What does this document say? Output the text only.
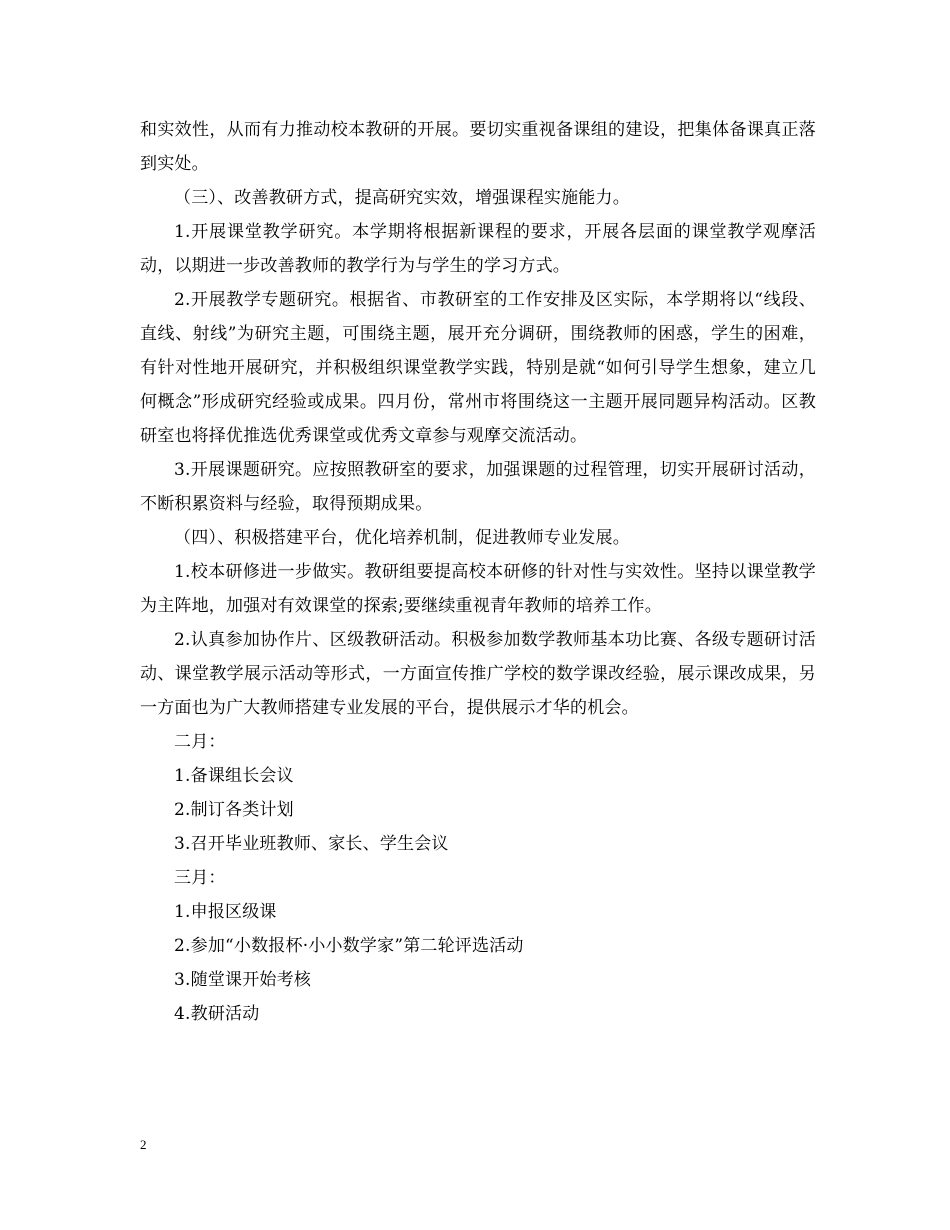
和实效性，从而有力推动校本教研的开展。要切实重视备课组的建设，把集体备课真正落到实处。

（三）、改善教研方式，提高研究实效，增强课程实施能力。

1.开展课堂教学研究。本学期将根据新课程的要求，开展各层面的课堂教学观摩活动，以期进一步改善教师的教学行为与学生的学习方式。

2.开展教学专题研究。根据省、市教研室的工作安排及区实际，本学期将以“线段、直线、射线”为研究主题，可围绕主题，展开充分调研，围绕教师的困惑，学生的困难，有针对性地开展研究，并积极组织课堂教学实践，特别是就“如何引导学生想象，建立几何概念”形成研究经验或成果。四月份，常州市将围绕这一主题开展同题异构活动。区教研室也将择优推选优秀课堂或优秀文章参与观摩交流活动。

3.开展课题研究。应按照教研室的要求，加强课题的过程管理，切实开展研讨活动，不断积累资料与经验，取得预期成果。

（四）、积极搭建平台，优化培养机制，促进教师专业发展。

1.校本研修进一步做实。教研组要提高校本研修的针对性与实效性。坚持以课堂教学为主阵地，加强对有效课堂的探索;要继续重视青年教师的培养工作。

2.认真参加协作片、区级教研活动。积极参加数学教师基本功比赛、各级专题研讨活动、课堂教学展示活动等形式，一方面宣传推广学校的数学课改经验，展示课改成果，另一方面也为广大教师搭建专业发展的平台，提供展示才华的机会。

二月：

1.备课组长会议

2.制订各类计划

3.召开毕业班教师、家长、学生会议

三月：

1.申报区级课

2.参加“小数报杯·小小数学家”第二轮评选活动

3.随堂课开始考核

4.教研活动

2
